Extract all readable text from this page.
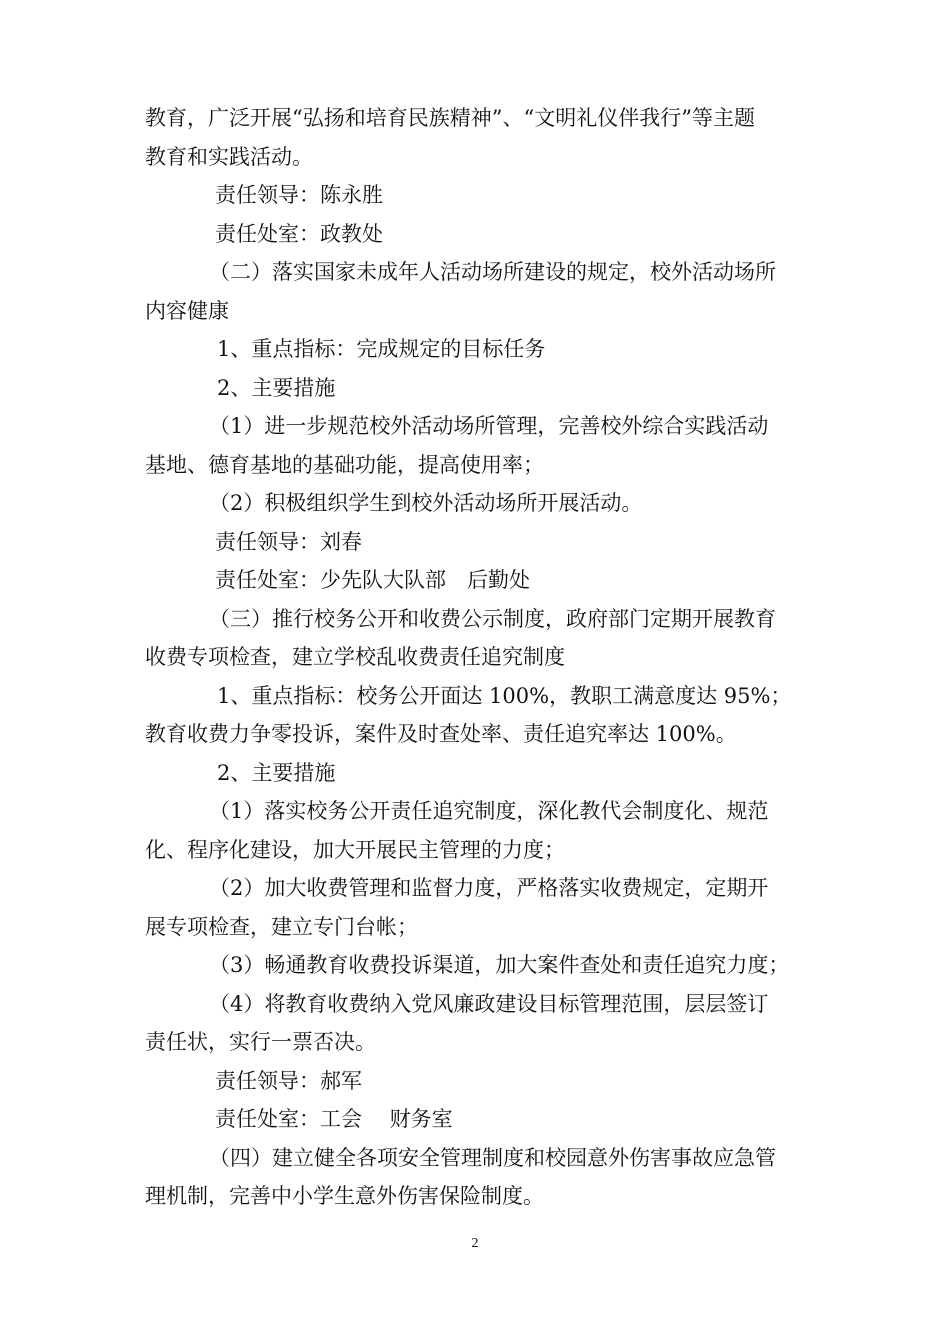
教育，广泛开展“弘扬和培育民族精神”、“文明礼仪伴我行”等主题
教育和实践活动。
责任领导：陈永胜
责任处室：政教处
（二）落实国家未成年人活动场所建设的规定，校外活动场所
内容健康
1、重点指标：完成规定的目标任务
2、主要措施
（1）进一步规范校外活动场所管理，完善校外综合实践活动
基地、德育基地的基础功能，提高使用率；
（2）积极组织学生到校外活动场所开展活动。
责任领导：刘春
责任处室：少先队大队部　后勤处
（三）推行校务公开和收费公示制度，政府部门定期开展教育
收费专项检查，建立学校乱收费责任追究制度
1、重点指标：校务公开面达 100%，教职工满意度达 95%；
教育收费力争零投诉，案件及时查处率、责任追究率达 100%。
2、主要措施
（1）落实校务公开责任追究制度，深化教代会制度化、规范
化、程序化建设，加大开展民主管理的力度；
（2）加大收费管理和监督力度，严格落实收费规定，定期开
展专项检查，建立专门台帐；
（3）畅通教育收费投诉渠道，加大案件查处和责任追究力度；
（4）将教育收费纳入党风廉政建设目标管理范围，层层签订
责任状，实行一票否决。
责任领导：郝军
责任处室：工会　 财务室
（四）建立健全各项安全管理制度和校园意外伤害事故应急管
理机制，完善中小学生意外伤害保险制度。
2
